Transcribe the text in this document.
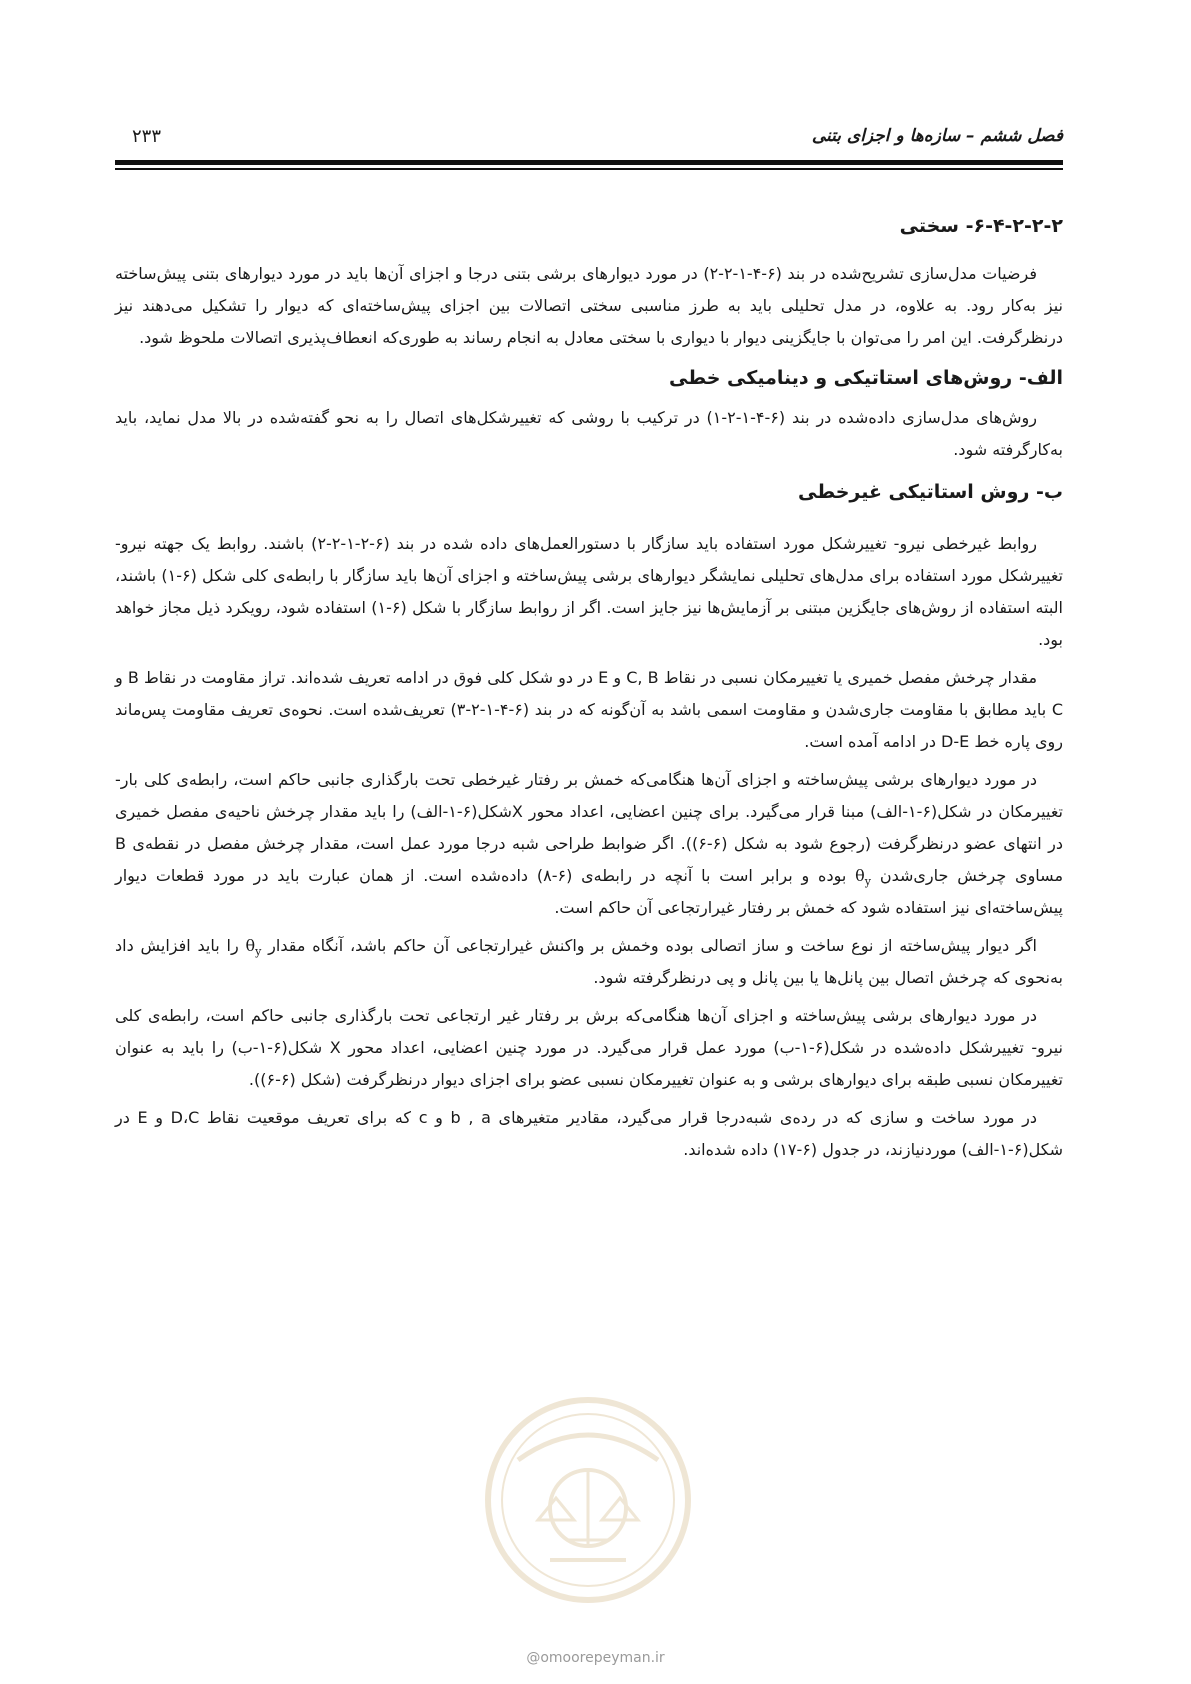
فصل ششم – سازه‌ها و اجزای بتنی
۲۳۳
۶-۴-۲-۲-۲- سختی

فرضیات مدل‌سازی تشریح‌شده در بند (۶-۴-۱-۲-۲) در مورد دیوارهای برشی بتنی درجا و اجزای آن‌ها باید در مورد دیوارهای بتنی پیش‌ساخته نیز به‌کار رود. به علاوه، در مدل تحلیلی باید به طرز مناسبی سختی اتصالات بین اجزای پیش‌ساخته‌ای که دیوار را تشکیل می‌دهند نیز درنظرگرفت. این امر را می‌توان با جایگزینی دیوار با دیواری با سختی معادل به انجام رساند به طوری‌که انعطاف‌پذیری اتصالات ملحوظ شود.

الف- روش‌های استاتیکی و دینامیکی خطی

روش‌های مدل‌سازی داده‌شده در بند (۶-۴-۱-۲-۱) در ترکیب با روشی که تغییرشکل‌های اتصال را به نحو گفته‌شده در بالا مدل نماید، باید به‌کارگرفته شود.

ب- روش استاتیکی غیرخطی

روابط غیرخطی نیرو- تغییرشکل مورد استفاده باید سازگار با دستورالعمل‌های داده شده در بند (۶-۲-۱-۲-۲) باشند. روابط یک جهته نیرو- تغییرشکل مورد استفاده برای مدل‌های تحلیلی نمایشگر دیوارهای برشی پیش‌ساخته و اجزای آن‌ها باید سازگار با رابطه‌ی کلی شکل (۶-۱) باشند، البته استفاده از روش‌های جایگزین مبتنی بر آزمایش‌ها نیز جایز است. اگر از روابط سازگار با شکل (۶-۱) استفاده شود، رویکرد ذیل مجاز خواهد بود.

مقدار چرخش مفصل خمیری یا تغییرمکان نسبی در نقاط C, B و E در دو شکل کلی فوق در ادامه تعریف شده‌اند. تراز مقاومت در نقاط B و C باید مطابق با مقاومت جاری‌شدن و مقاومت اسمی باشد به آن‌گونه که در بند (۶-۴-۱-۲-۳) تعریف‌شده است. نحوه‌ی تعریف مقاومت پس‌ماند روی پاره خط D-E در ادامه آمده است.

در مورد دیوارهای برشی پیش‌ساخته و اجزای آن‌ها هنگامی‌که خمش بر رفتار غیرخطی تحت بارگذاری جانبی حاکم است، رابطه‌ی کلی بار- تغییرمکان در شکل(۶-۱-الف) مبنا قرار می‌گیرد. برای چنین اعضایی، اعداد محور Xشکل(۶-۱-الف) را باید مقدار چرخش ناحیه‌ی مفصل خمیری در انتهای عضو درنظرگرفت (رجوع شود به شکل (۶-۶)). اگر ضوابط طراحی شبه درجا مورد عمل است، مقدار چرخش مفصل در نقطه‌ی B مساوی چرخش جاری‌شدن $\theta_y$ بوده و برابر است با آنچه در رابطه‌ی (۶-۸) داده‌شده است. از همان عبارت باید در مورد قطعات دیوار پیش‌ساخته‌ای نیز استفاده شود که خمش بر رفتار غیرارتجاعی آن حاکم است.

اگر دیوار پیش‌ساخته از نوع ساخت و ساز اتصالی بوده وخمش بر واکنش غیرارتجاعی آن حاکم باشد، آنگاه مقدار $\theta_y$ را باید افزایش داد به‌نحوی که چرخش اتصال بین پانل‌ها یا بین پانل و پی درنظرگرفته شود.

در مورد دیوارهای برشی پیش‌ساخته و اجزای آن‌ها هنگامی‌که برش بر رفتار غیر ارتجاعی تحت بارگذاری جانبی حاکم است، رابطه‌ی کلی نیرو- تغییرشکل داده‌شده در شکل(۶-۱-ب) مورد عمل قرار می‌گیرد. در مورد چنین اعضایی، اعداد محور X شکل(۶-۱-ب) را باید به عنوان تغییرمکان نسبی طبقه برای دیوارهای برشی و به عنوان تغییرمکان نسبی عضو برای اجزای دیوار درنظرگرفت (شکل (۶-۶)).

در مورد ساخت و سازی که در رده‌ی شبه‌درجا قرار می‌گیرد، مقادیر متغیرهای b , a و c که برای تعریف موقعیت نقاط D،C و E در شکل(۶-۱-الف) موردنیازند، در جدول (۶-۱۷) داده شده‌اند.

@omoorepeyman.ir
